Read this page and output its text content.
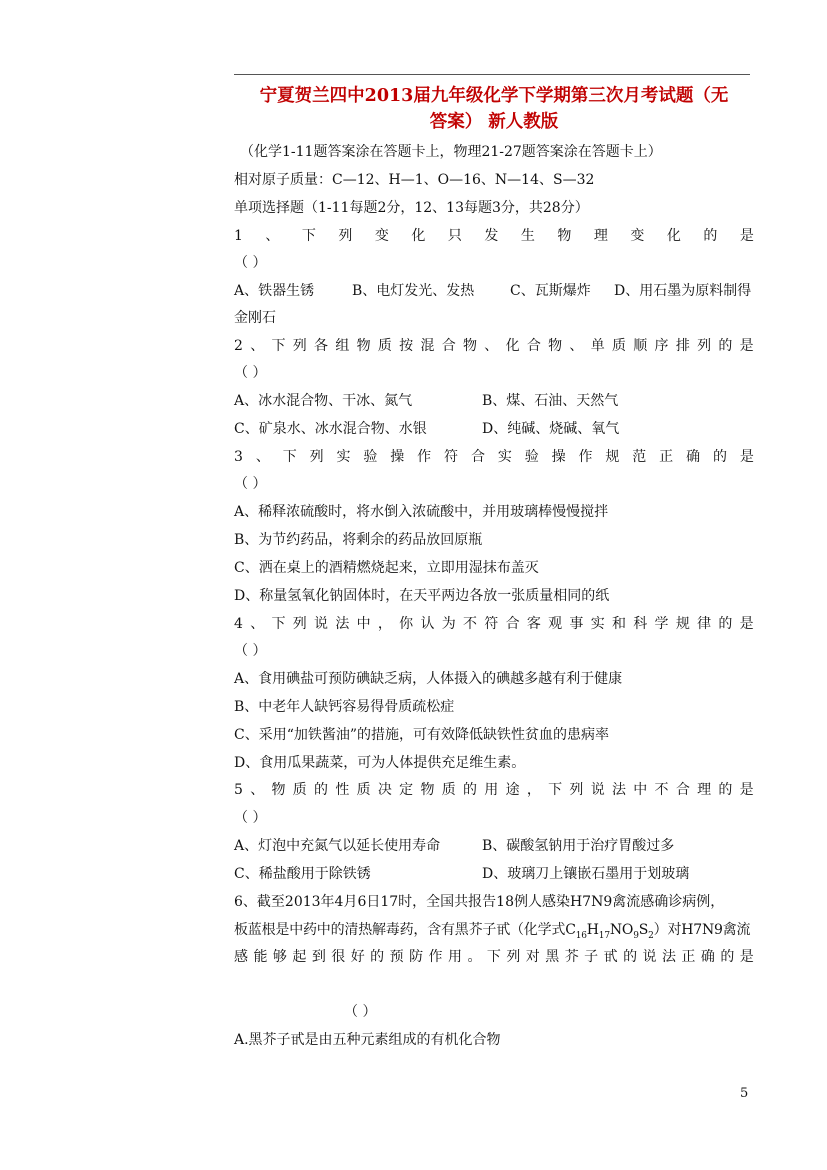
宁夏贺兰四中2013届九年级化学下学期第三次月考试题（无
答案） 新人教版
（化学1-11题答案涂在答题卡上，物理21-27题答案涂在答题卡上）
相对原子质量：C—12、H—1、O—16、N—14、S—32
单项选择题（1-11每题2分，12、13每题3分，共28分）
1 、 下 列 变 化 只 发 生 物 理 变 化 的 是
（ ）
A、铁器生锈	B、电灯发光、发热	C、瓦斯爆炸 D、用石墨为原料制得
金刚石
2 、 下 列 各 组 物 质 按 混 合 物 、 化 合 物 、 单 质 顺 序 排 列 的 是
（ ）
A、冰水混合物、干冰、氮气	B、煤、石油、天然气
C、矿泉水、冰水混合物、水银	D、纯碱、烧碱、氧气
3 、 下 列 实 验 操 作 符 合 实 验 操 作 规 范 正 确 的 是
（ ）
A、稀释浓硫酸时，将水倒入浓硫酸中，并用玻璃棒慢慢搅拌
B、为节约药品，将剩余的药品放回原瓶
C、洒在桌上的酒精燃烧起来，立即用湿抹布盖灭
D、称量氢氧化钠固体时，在天平两边各放一张质量相同的纸
4 、 下 列 说 法 中 ， 你 认 为 不 符 合 客 观 事 实 和 科 学 规 律 的 是
（ ）
A、食用碘盐可预防碘缺乏病，人体摄入的碘越多越有利于健康
B、中老年人缺钙容易得骨质疏松症
C、采用“加铁酱油”的措施，可有效降低缺铁性贫血的患病率
D、食用瓜果蔬菜，可为人体提供充足维生素。
5 、 物 质 的 性 质 决 定 物 质 的 用 途 ， 下 列 说 法 中 不 合 理 的 是
（ ）
A、灯泡中充氮气以延长使用寿命	B、碳酸氢钠用于治疗胃酸过多
C、稀盐酸用于除铁锈	D、玻璃刀上镶嵌石墨用于划玻璃
6、截至2013年4月6日17时，全国共报告18例人感染H7N9禽流感确诊病例，
板蓝根是中药中的清热解毒药，含有黑芥子甙（化学式$C_{16}H_{17}NO_9S_2$）对H7N9禽流
感 能 够 起 到 很 好 的 预 防 作 用 。 下 列 对 黑 芥 子 甙 的 说 法 正 确 的 是
（ ）
A.黑芥子甙是由五种元素组成的有机化合物
5
